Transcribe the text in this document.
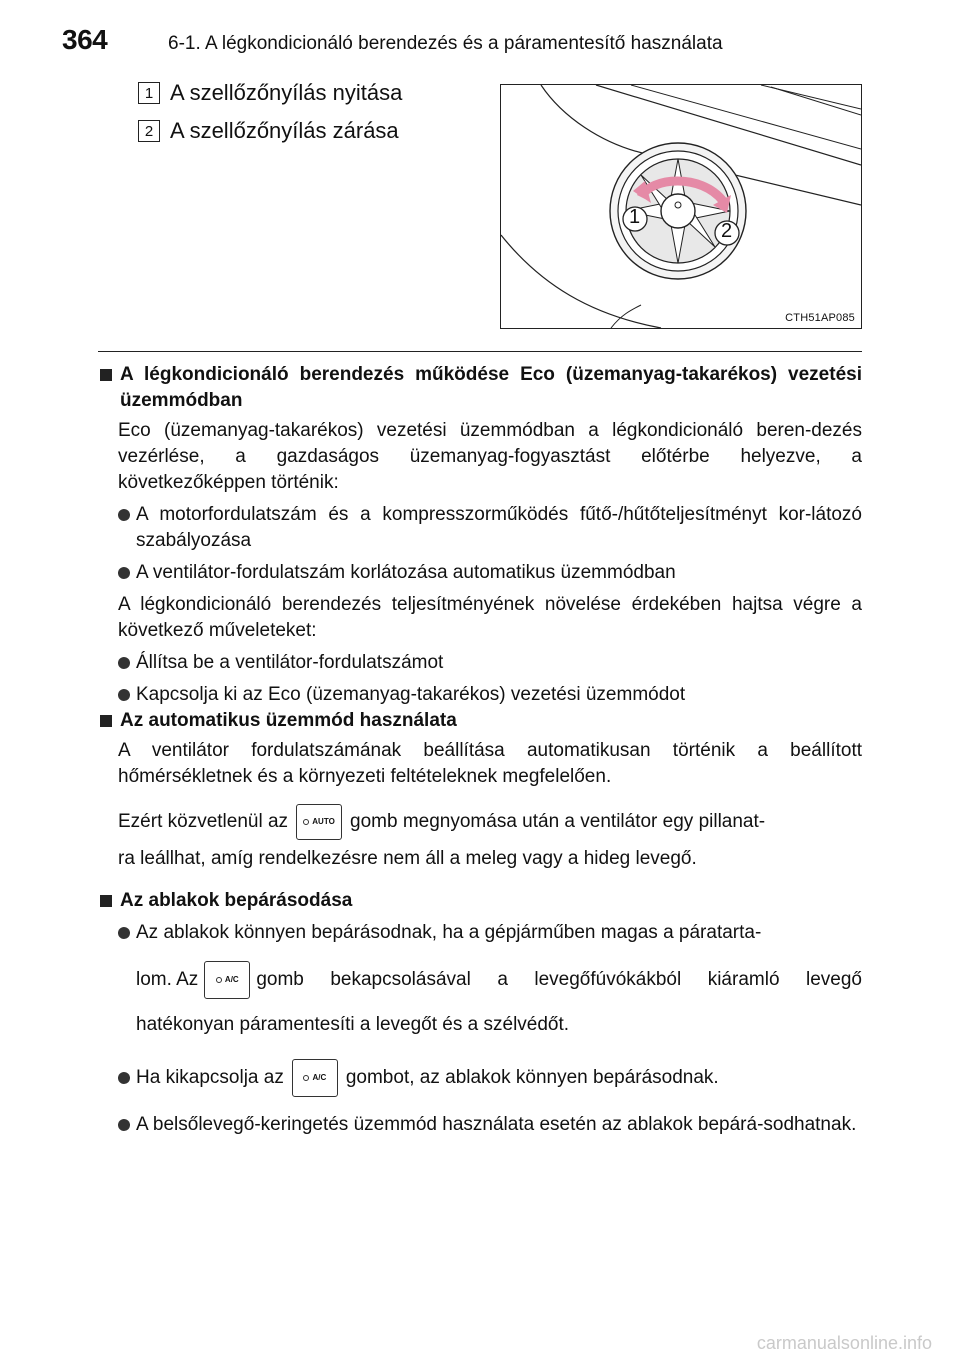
364	6-1. A légkondicionáló berendezés és a páramentesítő használata
1 A szellőzőnyílás nyitása
2 A szellőzőnyílás zárása
1
2
CTH51AP085
A légkondicionáló berendezés működése Eco (üzemanyag-takarékos) vezetési üzemmódban
Eco (üzemanyag-takarékos) vezetési üzemmódban a légkondicionáló beren-dezés vezérlése, a gazdaságos üzemanyag-fogyasztást előtérbe helyezve, a következőképpen történik:
A motorfordulatszám és a kompresszorműködés fűtő-/hűtőteljesítményt kor-látozó szabályozása
A ventilátor-fordulatszám korlátozása automatikus üzemmódban
A légkondicionáló berendezés teljesítményének növelése érdekében hajtsa végre a következő műveleteket:
Állítsa be a ventilátor-fordulatszámot
Kapcsolja ki az Eco (üzemanyag-takarékos) vezetési üzemmódot
Az automatikus üzemmód használata
A ventilátor fordulatszámának beállítása automatikusan történik a beállított hőmérsékletnek és a környezeti feltételeknek megfelelően.
Ezért közvetlenül az	AUTO gomb megnyomása után a ventilátor egy pillanat-
ra leállhat, amíg rendelkezésre nem áll a meleg vagy a hideg levegő.
Az ablakok bepárásodása
Az ablakok könnyen bepárásodnak, ha a gépjárműben magas a páratarta-
lom. Az	A/C gomb bekapcsolásával a levegőfúvókákból kiáramló levegő
hatékonyan páramentesíti a levegőt és a szélvédőt.
Ha kikapcsolja az	A/C gombot, az ablakok könnyen bepárásodnak.
A belsőlevegő-keringetés üzemmód használata esetén az ablakok bepárá-sodhatnak.
carmanualsonline.info
